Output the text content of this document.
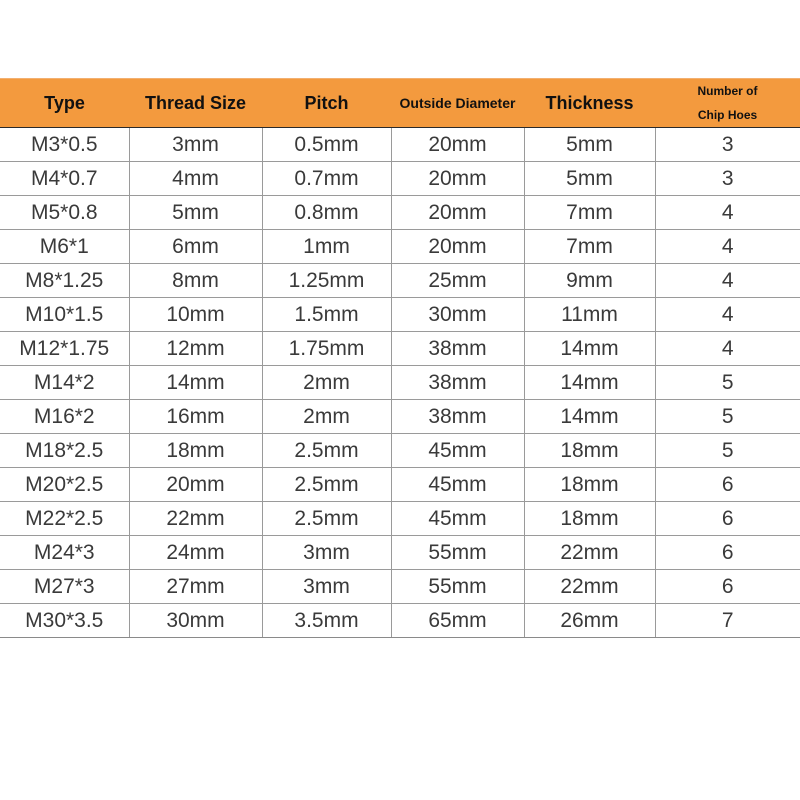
Type	Thread Size	Pitch	Outside Diameter	Thickness	Number of
Chip Hoes

M3*0.5	3mm	0.5mm	20mm	5mm	3
M4*0.7	4mm	0.7mm	20mm	5mm	3
M5*0.8	5mm	0.8mm	20mm	7mm	4
M6*1	6mm	1mm	20mm	7mm	4
M8*1.25	8mm	1.25mm	25mm	9mm	4
M10*1.5	10mm	1.5mm	30mm	11mm	4
M12*1.75	12mm	1.75mm	38mm	14mm	4
M14*2	14mm	2mm	38mm	14mm	5
M16*2	16mm	2mm	38mm	14mm	5
M18*2.5	18mm	2.5mm	45mm	18mm	5
M20*2.5	20mm	2.5mm	45mm	18mm	6
M22*2.5	22mm	2.5mm	45mm	18mm	6
M24*3	24mm	3mm	55mm	22mm	6
M27*3	27mm	3mm	55mm	22mm	6
M30*3.5	30mm	3.5mm	65mm	26mm	7
